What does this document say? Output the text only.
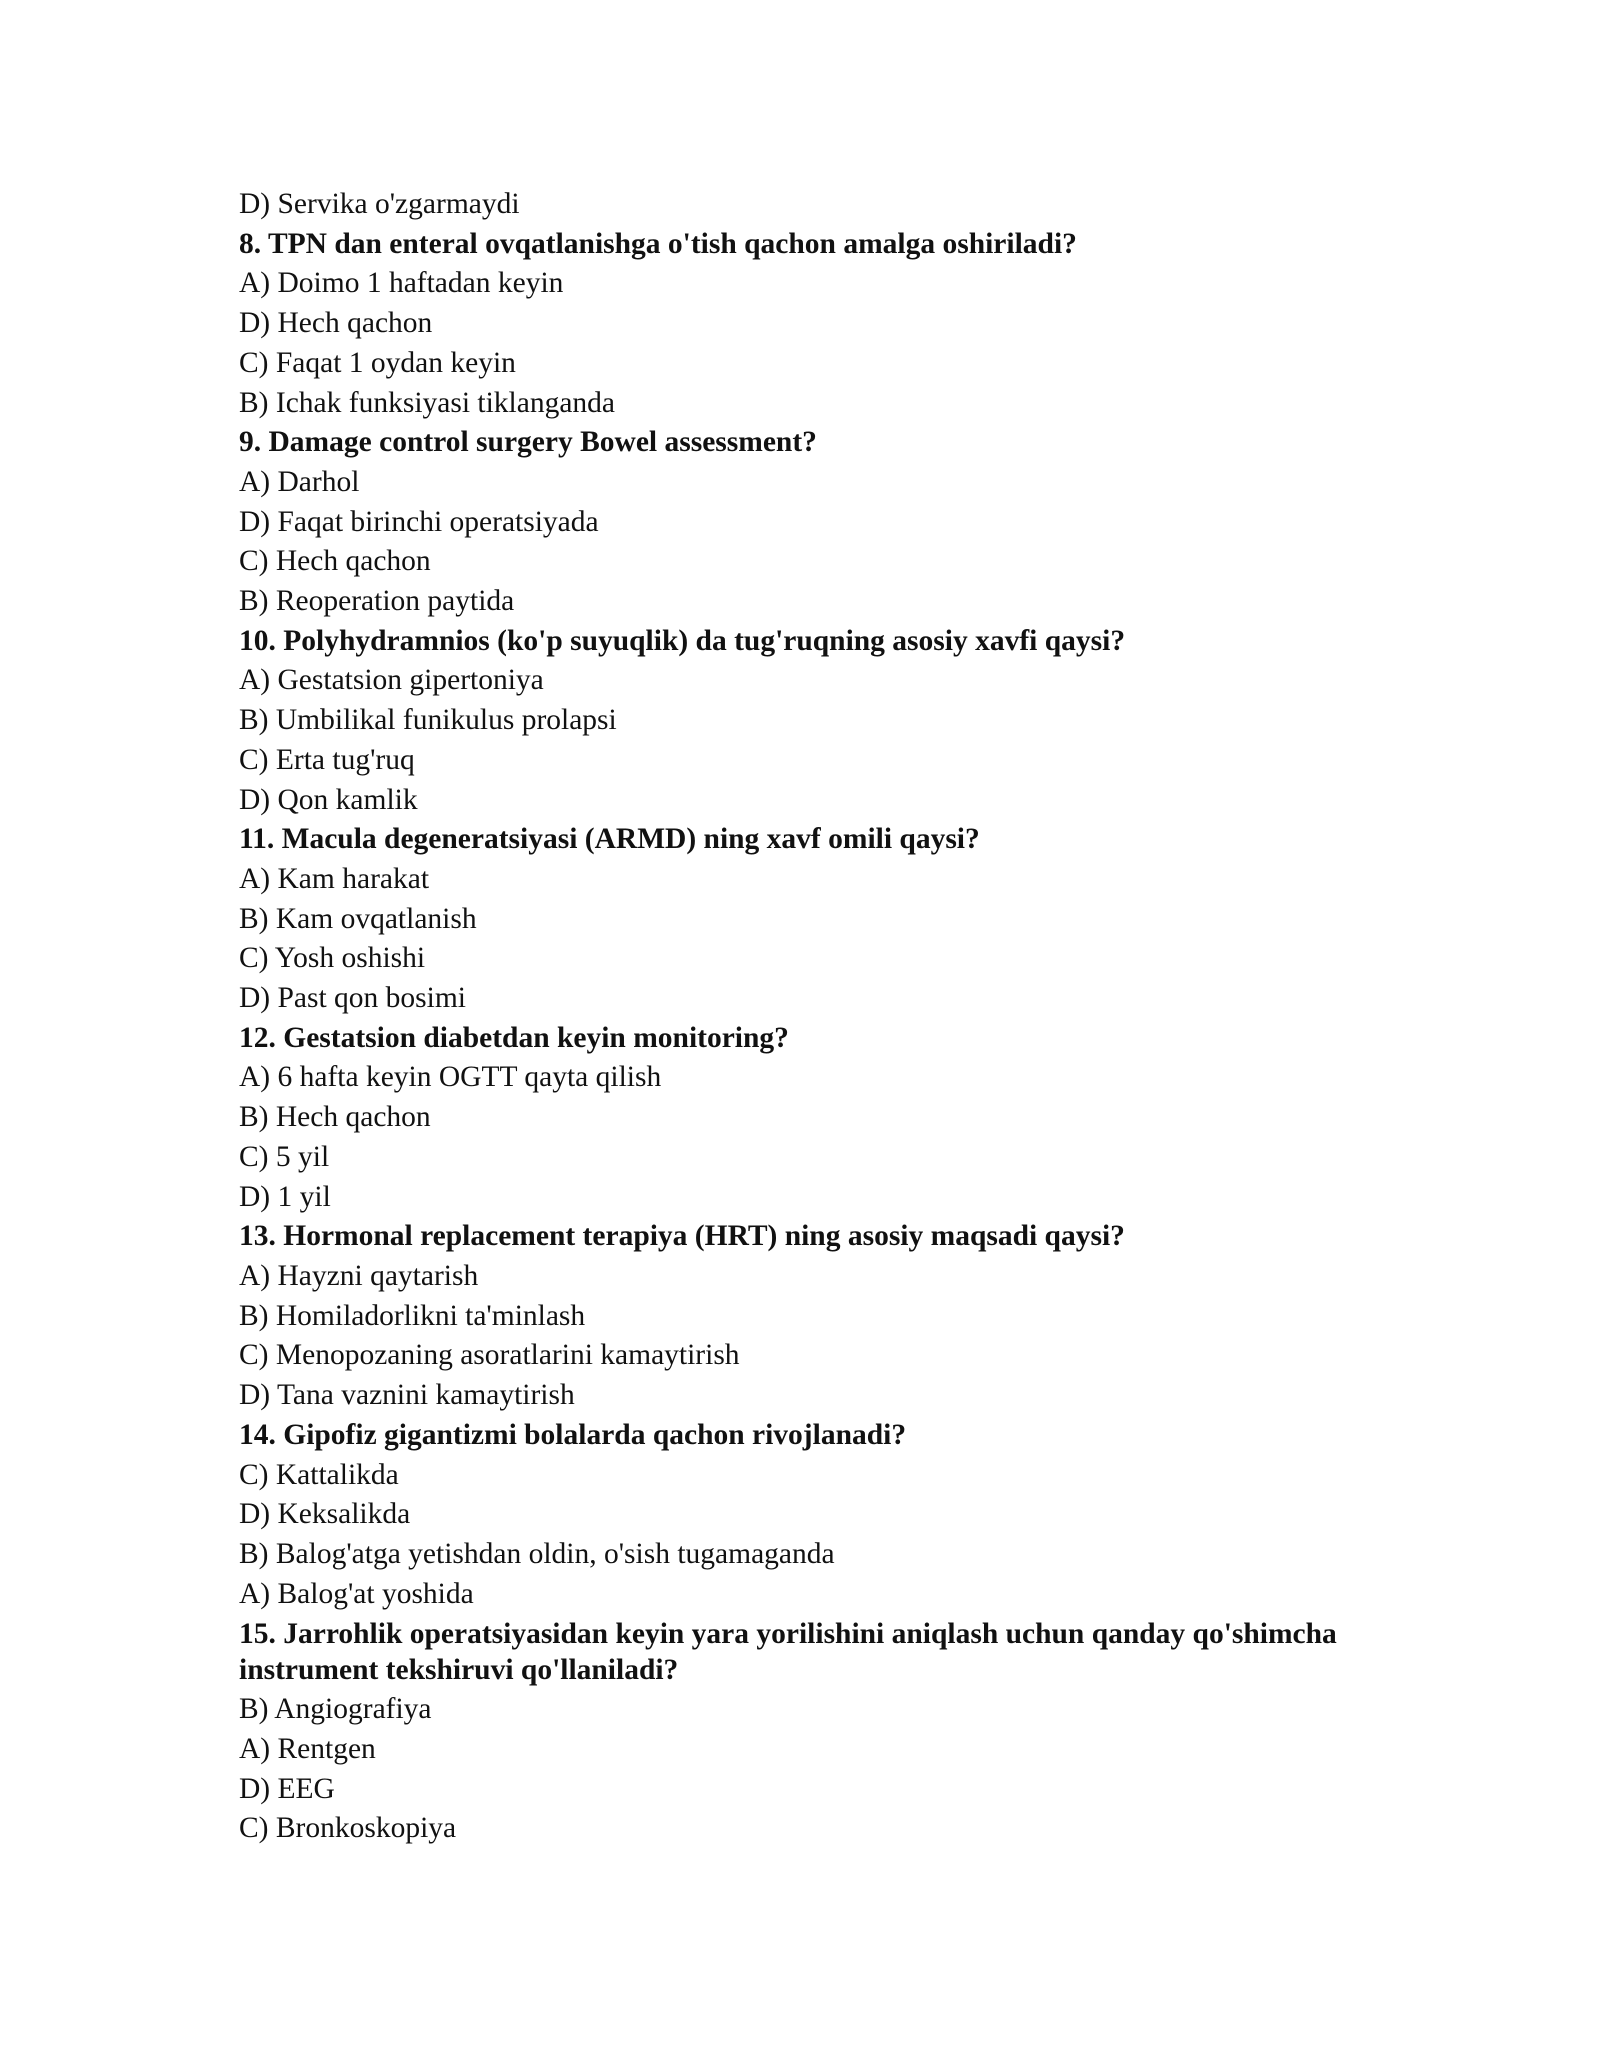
D) Servika o'zgarmaydi
8. TPN dan enteral ovqatlanishga o'tish qachon amalga oshiriladi?
A) Doimo 1 haftadan keyin
D) Hech qachon
C) Faqat 1 oydan keyin
B) Ichak funksiyasi tiklanganda
9. Damage control surgery Bowel assessment?
A) Darhol
D) Faqat birinchi operatsiyada
C) Hech qachon
B) Reoperation paytida
10. Polyhydramnios (ko'p suyuqlik) da tug'ruqning asosiy xavfi qaysi?
A) Gestatsion gipertoniya
B) Umbilikal funikulus prolapsi
C) Erta tug'ruq
D) Qon kamlik
11. Macula degeneratsiyasi (ARMD) ning xavf omili qaysi?
A) Kam harakat
B) Kam ovqatlanish
C) Yosh oshishi
D) Past qon bosimi
12. Gestatsion diabetdan keyin monitoring?
A) 6 hafta keyin OGTT qayta qilish
B) Hech qachon
C) 5 yil
D) 1 yil
13. Hormonal replacement terapiya (HRT) ning asosiy maqsadi qaysi?
A) Hayzni qaytarish
B) Homiladorlikni ta'minlash
C) Menopozaning asoratlarini kamaytirish
D) Tana vaznini kamaytirish
14. Gipofiz gigantizmi bolalarda qachon rivojlanadi?
C) Kattalikda
D) Keksalikda
B) Balog'atga yetishdan oldin, o'sish tugamaganda
A) Balog'at yoshida
15. Jarrohlik operatsiyasidan keyin yara yorilishini aniqlash uchun qanday qo'shimcha instrument tekshiruvi qo'llaniladi?
B) Angiografiya
A) Rentgen
D) EEG
C) Bronkoskopiya
